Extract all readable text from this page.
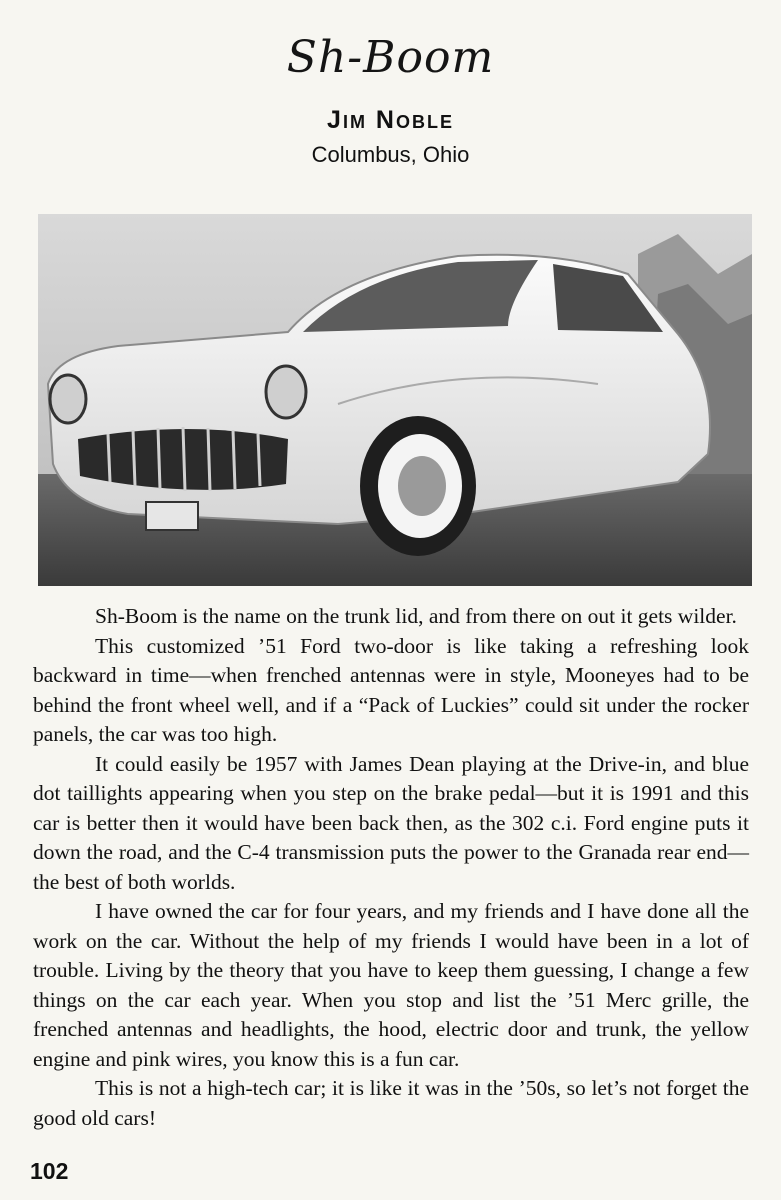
Sh-Boom
Jim Noble
Columbus, Ohio

Sh-Boom is the name on the trunk lid, and from there on out it gets wilder.

This customized ’51 Ford two-door is like taking a refreshing look backward in time—when frenched antennas were in style, Mooneyes had to be behind the front wheel well, and if a “Pack of Luckies” could sit under the rocker panels, the car was too high.

It could easily be 1957 with James Dean playing at the Drive-in, and blue dot taillights appearing when you step on the brake pedal—but it is 1991 and this car is better then it would have been back then, as the 302 c.i. Ford engine puts it down the road, and the C-4 transmission puts the power to the Granada rear end—the best of both worlds.

I have owned the car for four years, and my friends and I have done all the work on the car. Without the help of my friends I would have been in a lot of trouble. Living by the theory that you have to keep them guessing, I change a few things on the car each year. When you stop and list the ’51 Merc grille, the frenched antennas and headlights, the hood, electric door and trunk, the yellow engine and pink wires, you know this is a fun car.

This is not a high-tech car; it is like it was in the ’50s, so let’s not forget the good old cars!

102
